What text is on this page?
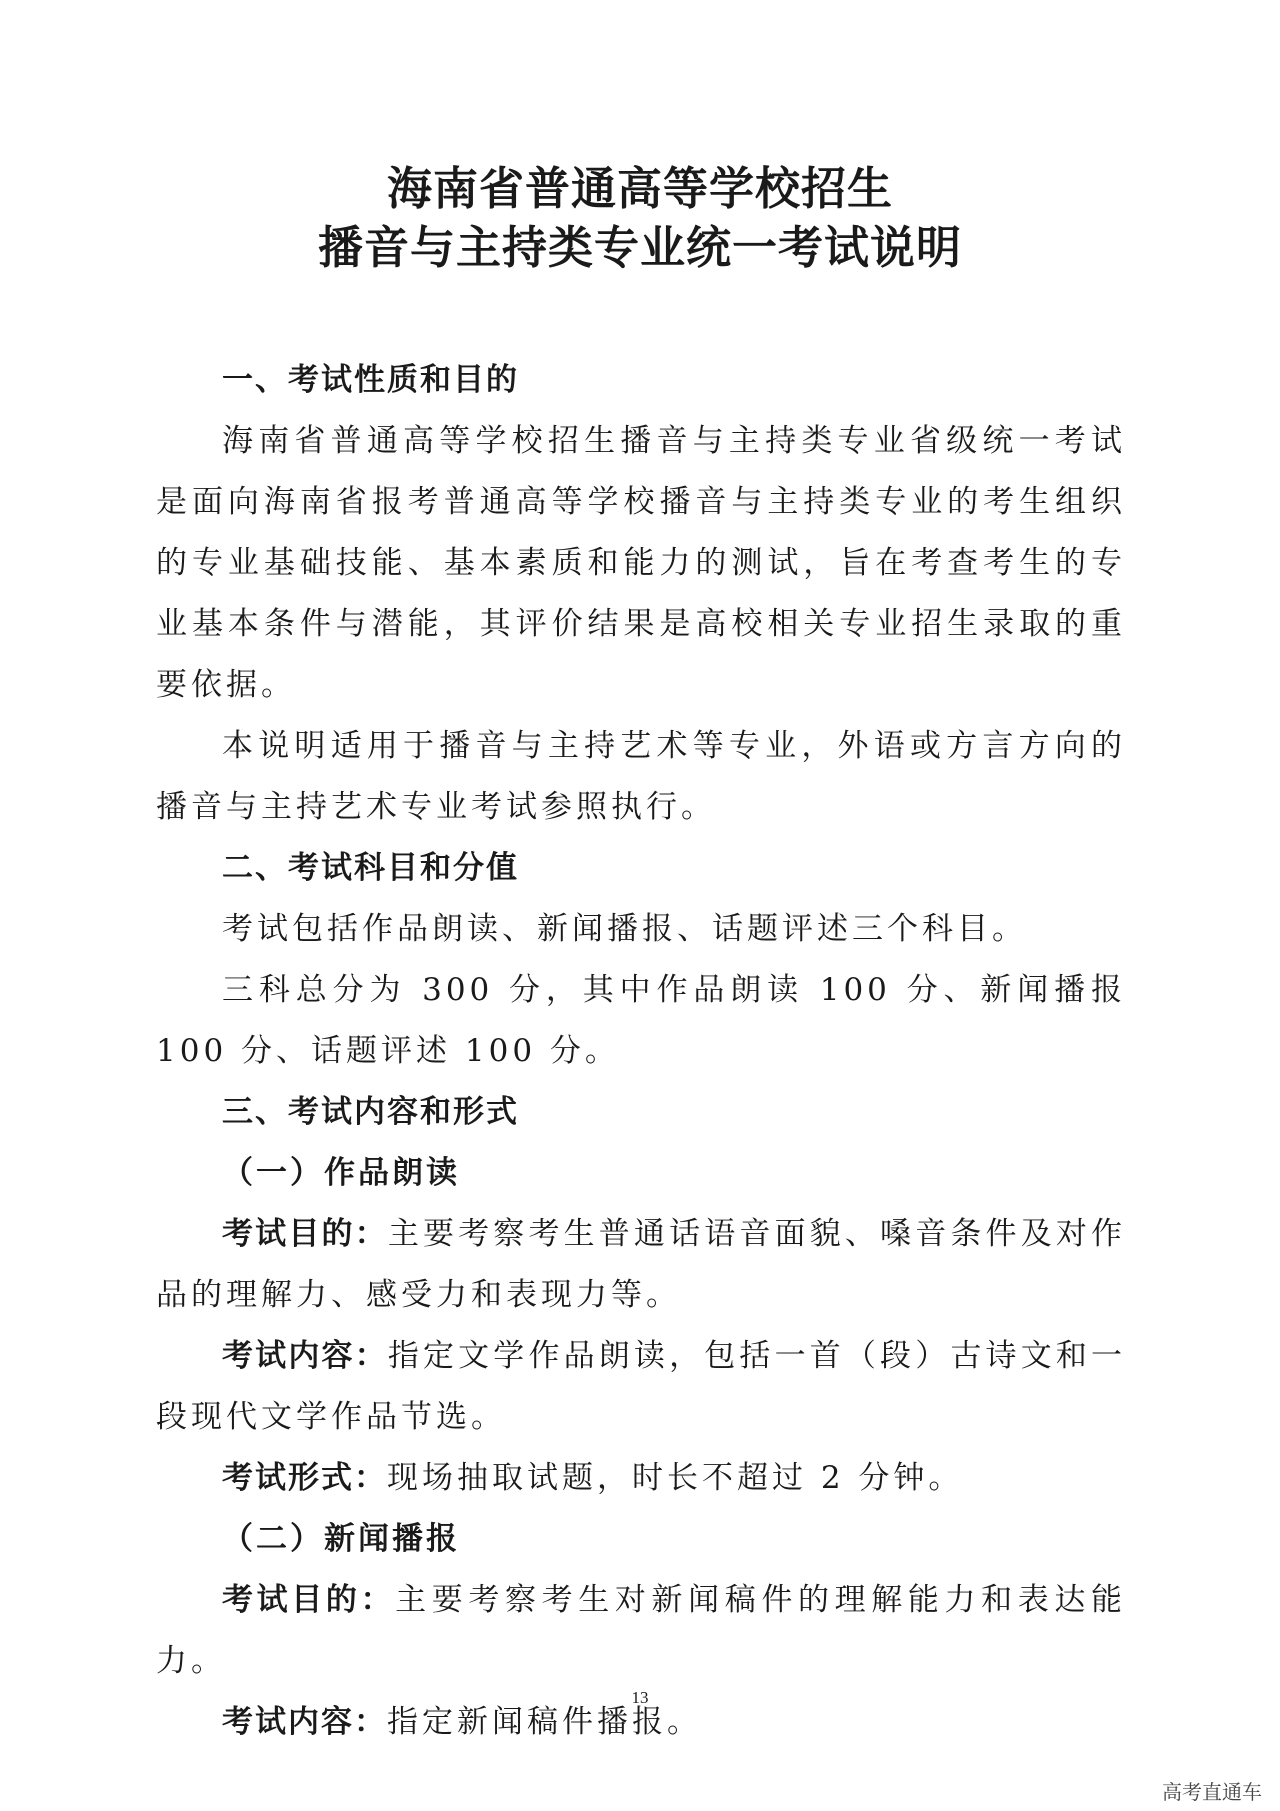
海南省普通高等学校招生
播音与主持类专业统一考试说明

一、考试性质和目的

海南省普通高等学校招生播音与主持类专业省级统一考试是面向海南省报考普通高等学校播音与主持类专业的考生组织的专业基础技能、基本素质和能力的测试，旨在考查考生的专业基本条件与潜能，其评价结果是高校相关专业招生录取的重要依据。

本说明适用于播音与主持艺术等专业，外语或方言方向的播音与主持艺术专业考试参照执行。

二、考试科目和分值

考试包括作品朗读、新闻播报、话题评述三个科目。

三科总分为 300 分，其中作品朗读 100 分、新闻播报 100 分、话题评述 100 分。

三、考试内容和形式

（一）作品朗读

考试目的：主要考察考生普通话语音面貌、嗓音条件及对作品的理解力、感受力和表现力等。

考试内容：指定文学作品朗读，包括一首（段）古诗文和一段现代文学作品节选。

考试形式：现场抽取试题，时长不超过 2 分钟。

（二）新闻播报

考试目的：主要考察考生对新闻稿件的理解能力和表达能力。

考试内容：指定新闻稿件播报。

13
高考直通车
